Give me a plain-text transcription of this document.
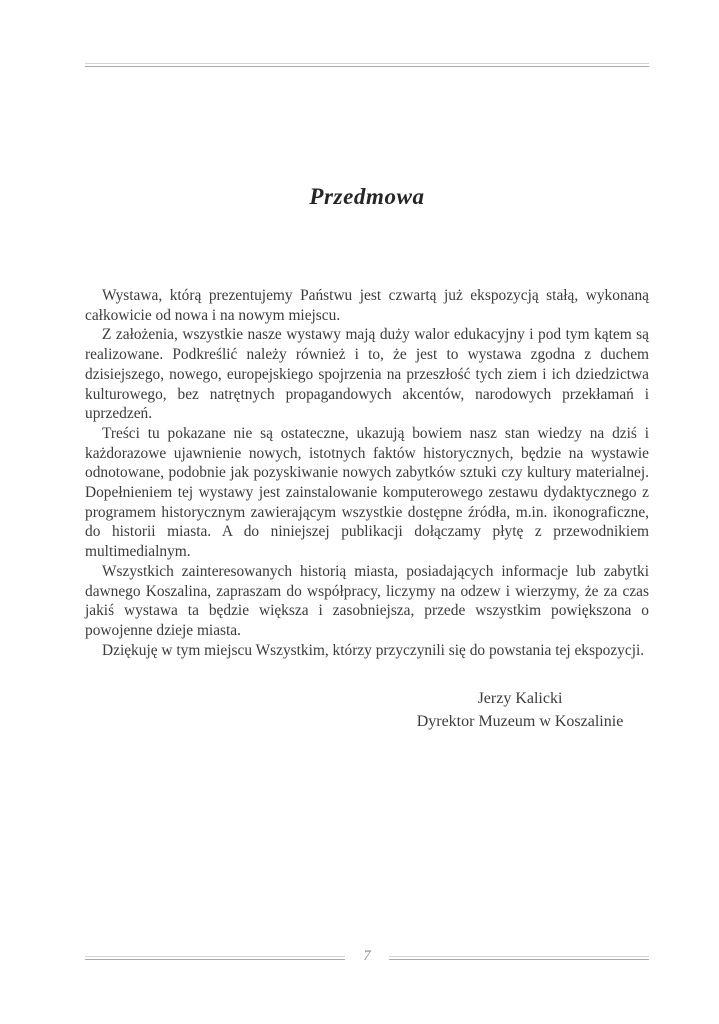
Przedmowa

Wystawa, którą prezentujemy Państwu jest czwartą już ekspozycją stałą, wykonaną całkowicie od nowa i na nowym miejscu.

Z założenia, wszystkie nasze wystawy mają duży walor edukacyjny i pod tym kątem są realizowane. Podkreślić należy również i to, że jest to wystawa zgodna z duchem dzisiejszego, nowego, europejskiego spojrzenia na przeszłość tych ziem i ich dziedzictwa kulturowego, bez natrętnych propagandowych akcentów, narodowych przekłamań i uprzedzeń.

Treści tu pokazane nie są ostateczne, ukazują bowiem nasz stan wiedzy na dziś i każdorazowe ujawnienie nowych, istotnych faktów historycznych, będzie na wystawie odnotowane, podobnie jak pozyskiwanie nowych zabytków sztuki czy kultury materialnej. Dopełnieniem tej wystawy jest zainstalowanie komputerowego zestawu dydaktycznego z programem historycznym zawierającym wszystkie dostępne źródła, m.in. ikonograficzne, do historii miasta. A do niniejszej publikacji dołączamy płytę z przewodnikiem multimedialnym.

Wszystkich zainteresowanych historią miasta, posiadających informacje lub zabytki dawnego Koszalina, zapraszam do współpracy, liczymy na odzew i wierzymy, że za czas jakiś wystawa ta będzie większa i zasobniejsza, przede wszystkim powiększona o powojenne dzieje miasta.

Dziękuję w tym miejscu Wszystkim, którzy przyczynili się do powstania tej ekspozycji.

Jerzy Kalicki
Dyrektor Muzeum w Koszalinie
7
